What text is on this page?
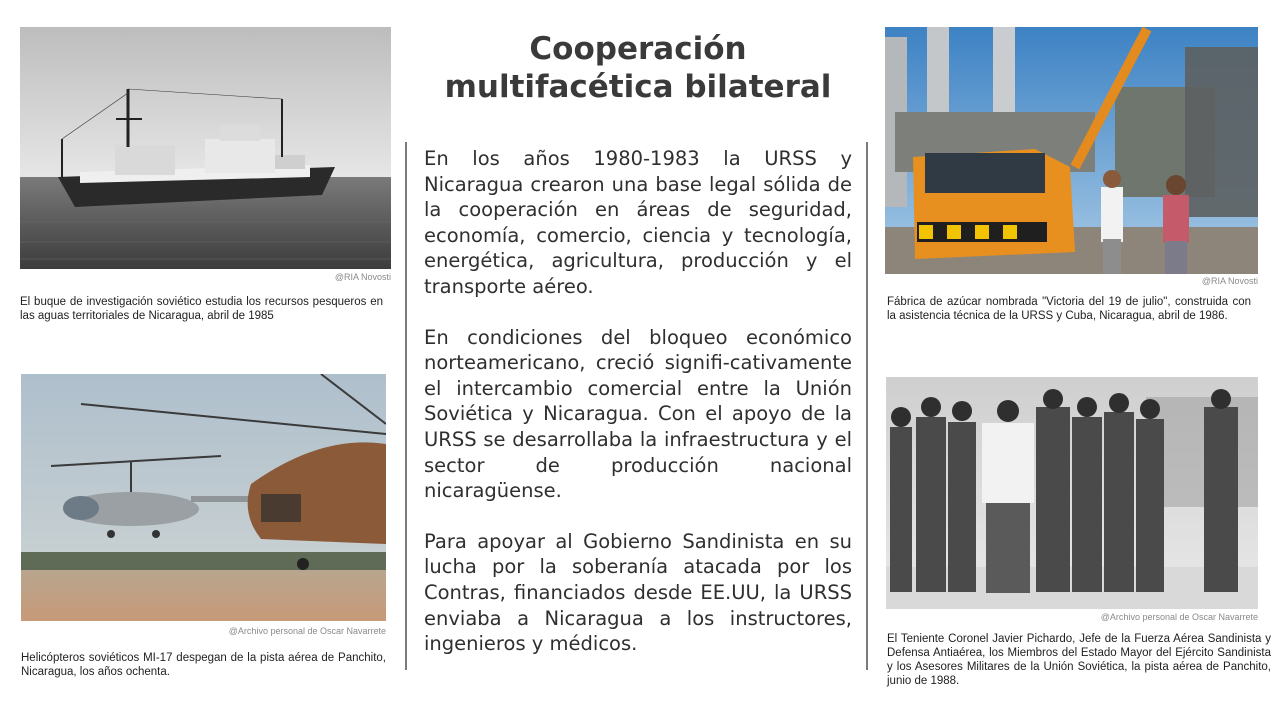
@RIA Novosti
El buque de investigación soviético estudia los recursos pesqueros en las aguas territoriales de Nicaragua, abril de 1985
@Archivo personal de Oscar Navarrete
Helicópteros soviéticos MI-17 despegan de la pista aérea de Panchito, Nicaragua, los años ochenta.
Cooperación
multifacética bilateral

En los años 1980-1983 la URSS y Nicaragua crearon una base legal sólida de la cooperación en áreas de seguridad, economía, comercio, ciencia y tecnología, energética, agricultura, producción y el transporte aéreo.

En condiciones del bloqueo económico norteamericano, creció signifi-cativamente el intercambio comercial entre la Unión Soviética y Nicaragua. Con el apoyo de la URSS se desarrollaba la infraestructura y el sector de producción nacional nicaragüense.

Para apoyar al Gobierno Sandinista en su lucha por la soberanía atacada por los Contras, financiados desde EE.UU, la URSS enviaba a Nicaragua a los instructores, ingenieros y médicos.

@RIA Novosti
Fábrica de azúcar nombrada "Victoria del 19 de julio", construida con la asistencia técnica de la URSS y Cuba, Nicaragua, abril de 1986.
@Archivo personal de Oscar Navarrete
El Teniente Coronel Javier Pichardo, Jefe de la Fuerza Aérea Sandinista y Defensa Antiaérea, los Miembros del Estado Mayor del Ejército Sandinista y los Asesores Militares de la Unión Soviética, la pista aérea de Panchito, junio de 1988.
